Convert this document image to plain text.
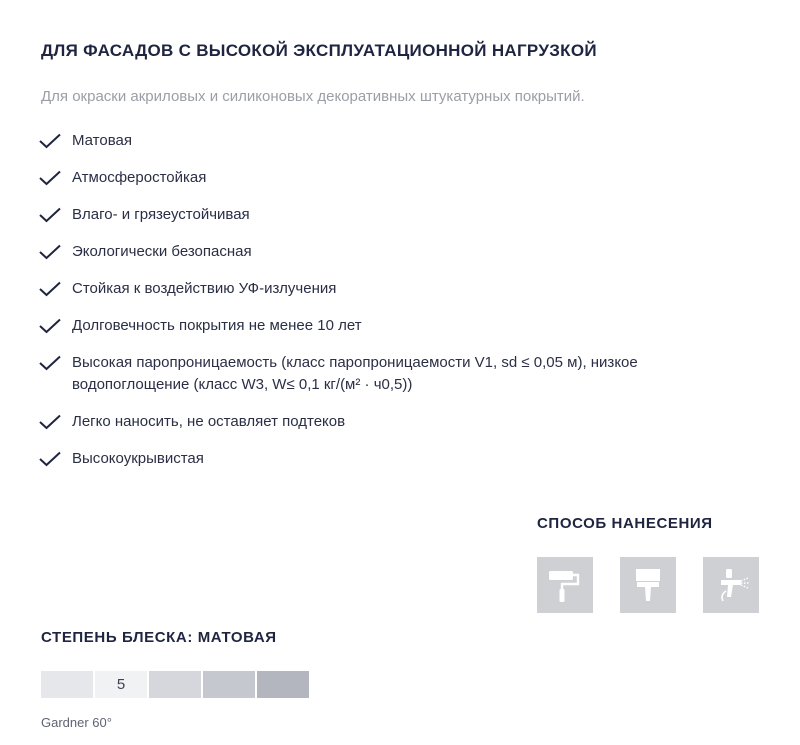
ДЛЯ ФАСАДОВ С ВЫСОКОЙ ЭКСПЛУАТАЦИОННОЙ НАГРУЗКОЙ
Для окраски акриловых и силиконовых декоративных штукатурных покрытий.
Матовая
Атмосферостойкая
Влаго- и грязеустойчивая
Экологически безопасная
Стойкая к воздействию УФ-излучения
Долговечность покрытия не менее 10 лет
Высокая паропроницаемость (класс паропроницаемости V1, sd ≤ 0,05 м), низкое водопоглощение (класс W3, W≤ 0,1 кг/(м² · ч0,5))
Легко наносить, не оставляет подтеков
Высокоукрывистая
СПОСОБ НАНЕСЕНИЯ
СТЕПЕНЬ БЛЕСКА: МАТОВАЯ
5
Gardner 60°
